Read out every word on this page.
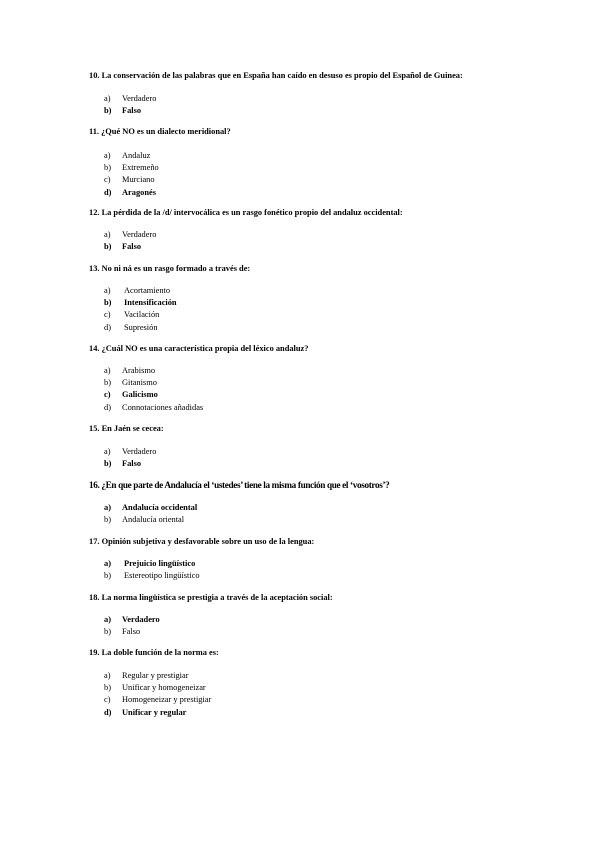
10. La conservación de las palabras que en España han caído en desuso es propio del Español de Guinea:

a)	Verdadero
b)	Falso

11. ¿Qué NO es un dialecto meridional?

a)	Andaluz
b)	Extremeño
c)	Murciano
d)	Aragonés

12. La pérdida de la /d/ intervocálica es un rasgo fonético propio del andaluz occidental:

a)	Verdadero
b)	Falso

13. No ni ná es un rasgo formado a través de:

a)	Acortamiento
b)	Intensificación
c)	Vacilación
d)	Supresión

14. ¿Cuál NO es una característica propia del léxico andaluz?

a)	Arabismo
b)	Gitanismo
c)	Galicismo
d)	Connotaciones añadidas

15. En Jaén se cecea:

a)	Verdadero
b)	Falso

16. ¿En que parte de Andalucía el ‘ustedes’ tiene la misma función que el ‘vosotros’?

a)	Andalucía occidental
b)	Andalucía oriental

17. Opinión subjetiva y desfavorable sobre un uso de la lengua:

a)	Prejuicio lingüístico
b)	Estereotipo lingüístico

18. La norma lingüística se prestigia a través de la aceptación social:

a)	Verdadero
b)	Falso

19. La doble función de la norma es:

a)	Regular y prestigiar
b)	Unificar y homogeneizar
c)	Homogeneizar y prestigiar
d)	Unificar y regular
